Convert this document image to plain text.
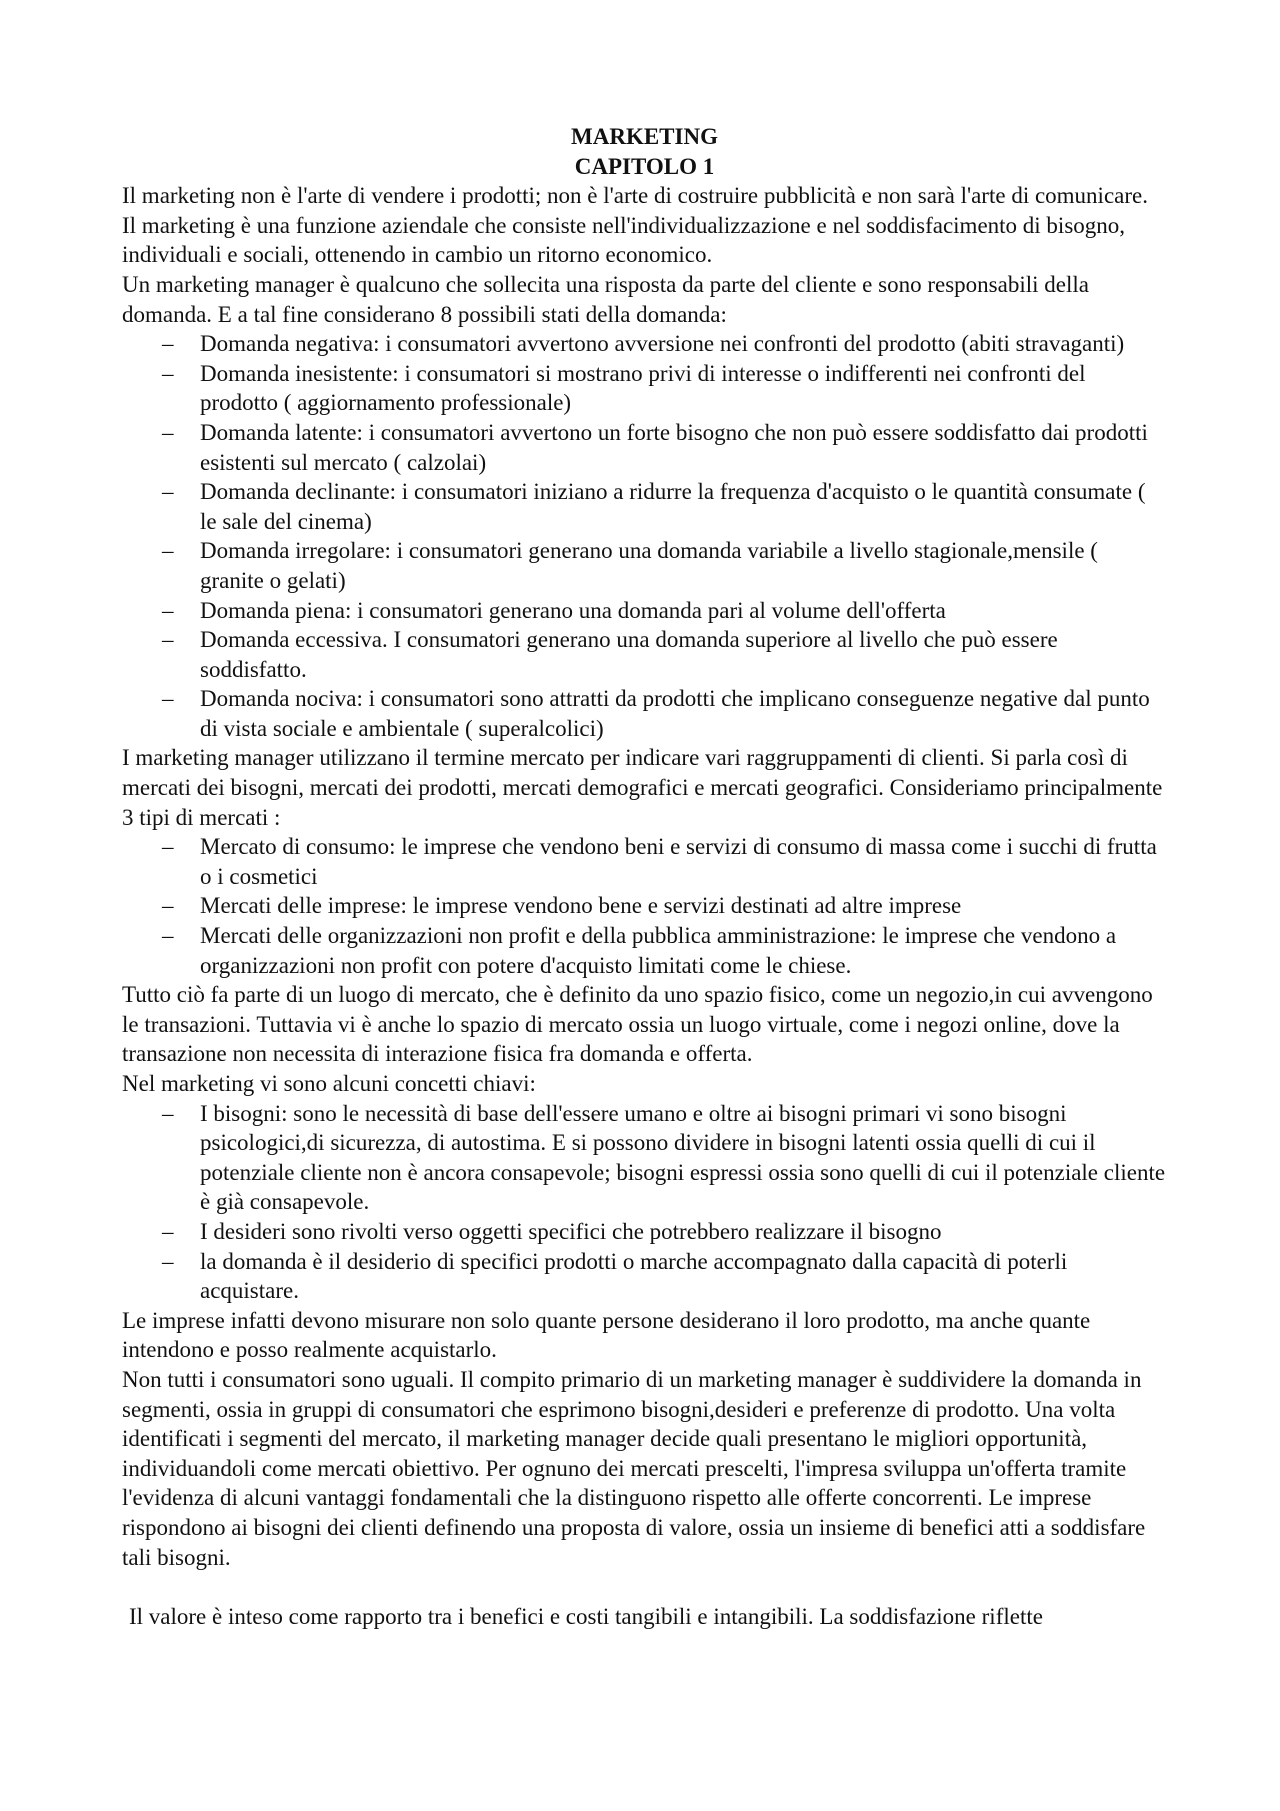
MARKETING

CAPITOLO 1

Il marketing non è l'arte di vendere i prodotti; non è l'arte di costruire pubblicità e non sarà l'arte di comunicare. Il marketing è una funzione aziendale che consiste nell'individualizzazione e nel soddisfacimento di bisogno, individuali e sociali, ottenendo in cambio un ritorno economico.

Un marketing manager è qualcuno che sollecita una risposta da parte del cliente e sono responsabili della domanda. E a tal fine considerano 8 possibili stati della domanda:

– Domanda negativa: i consumatori avvertono avversione nei confronti del prodotto (abiti stravaganti)
– Domanda inesistente: i consumatori si mostrano privi di interesse o indifferenti nei confronti del prodotto ( aggiornamento professionale)
– Domanda latente: i consumatori avvertono un forte bisogno che non può essere soddisfatto dai prodotti esistenti sul mercato ( calzolai)
– Domanda declinante: i consumatori iniziano a ridurre la frequenza d'acquisto o le quantità consumate ( le sale del cinema)
– Domanda irregolare: i consumatori generano una domanda variabile a livello stagionale,mensile ( granite o gelati)
– Domanda piena: i consumatori generano una domanda pari al volume dell'offerta
– Domanda eccessiva. I consumatori generano una domanda superiore al livello che può essere soddisfatto.
– Domanda nociva: i consumatori sono attratti da prodotti che implicano conseguenze negative dal punto di vista sociale e ambientale ( superalcolici)

I marketing manager utilizzano il termine mercato per indicare vari raggruppamenti di clienti. Si parla così di mercati dei bisogni, mercati dei prodotti, mercati demografici e mercati geografici. Consideriamo principalmente 3 tipi di mercati :

– Mercato di consumo: le imprese che vendono beni e servizi di consumo di massa come i succhi di frutta o i cosmetici
– Mercati delle imprese: le imprese vendono bene e servizi destinati ad altre imprese
– Mercati delle organizzazioni non profit e della pubblica amministrazione: le imprese che vendono a organizzazioni non profit con potere d'acquisto limitati come le chiese.

Tutto ciò fa parte di un luogo di mercato, che è definito da uno spazio fisico, come un negozio,in cui avvengono le transazioni. Tuttavia vi è anche lo spazio di mercato ossia un luogo virtuale, come i negozi online, dove la transazione non necessita di interazione fisica fra domanda e offerta.

Nel marketing vi sono alcuni concetti chiavi:

– I bisogni: sono le necessità di base dell'essere umano e oltre ai bisogni primari vi sono bisogni psicologici,di sicurezza, di autostima. E si possono dividere in bisogni latenti ossia quelli di cui il potenziale cliente non è ancora consapevole; bisogni espressi ossia sono quelli di cui il potenziale cliente è già consapevole.
– I desideri sono rivolti verso oggetti specifici che potrebbero realizzare il bisogno
– la domanda è il desiderio di specifici prodotti o marche accompagnato dalla capacità di poterli acquistare.

Le imprese infatti devono misurare non solo quante persone desiderano il loro prodotto, ma anche quante intendono e posso realmente acquistarlo.

Non tutti i consumatori sono uguali. Il compito primario di un marketing manager è suddividere la domanda in segmenti, ossia in gruppi di consumatori che esprimono bisogni,desideri e preferenze di prodotto. Una volta identificati i segmenti del mercato, il marketing manager decide quali presentano le migliori opportunità, individuandoli come mercati obiettivo. Per ognuno dei mercati prescelti, l'impresa sviluppa un'offerta tramite l'evidenza di alcuni vantaggi fondamentali che la distinguono rispetto alle offerte concorrenti. Le imprese rispondono ai bisogni dei clienti definendo una proposta di valore, ossia un insieme di benefici atti a soddisfare tali bisogni.

Il valore è inteso come rapporto tra i benefici e costi tangibili e intangibili. La soddisfazione riflette
